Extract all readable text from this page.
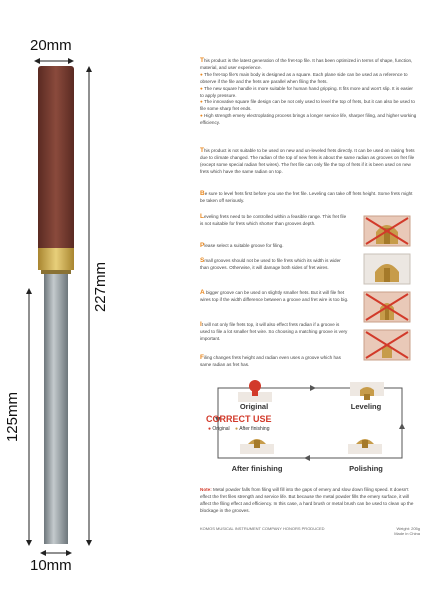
20mm
227mm
125mm
10mm
This product is the latest generation of the fret-top file. It has been optimized in terms of shape, function, material, and user experience.
● The fret-top file's main body is designed as a square. Each plane side can be used as a reference to observe if the file and the frets are parallel when filing the frets.
● The new square handle is more suitable for human hand gripping. It fits more and won't slip. It is easier to apply pressure.
● The innovative square file design can be not only used to level the top of frets, but it can also be used to file some sharp fret ends.
● High strength emery electroplating process brings a longer service life, sharper filing, and higher working efficiency.
This product is not suitable to be used on new and un-leveled frets directly. It can be used on raising frets due to climate changed. The radian of the top of new frets is about the same radian as grooves on fret file (except some special radian fret wires). The fret file can only file the top of frets if it is been used on new frets which have the same radian on top.
Be sure to level frets first before you use the fret file. Leveling can take off frets height. Some frets might be taken off seriously.
Leveling frets need to be controlled within a feasible range. This fret file is not suitable for frets which shorter than grooves depth.
Please select a suitable groove for filing.
Small grooves should not be used to file frets which its width is wider than grooves. Otherwise, it will damage both sides of fret wires.
A bigger groove can be used on slightly smaller frets. But it will file fret wires top if the width difference between a groove and fret wire is too big.
It will not only file frets top, it will also effect frets radian if a groove is used to file a lot smaller fret wire. So choosing a matching groove is very important.
Filing changes frets height and radian even uses a groove which has same radian as fret has.
Original	Leveling
CORRECT USE
● Original ● After finishing
After finishing	Polishing
Note: Metal powder falls from filing will fill into the gaps of emery and slow down filing speed. It doesn't effect the fret files strength and service life. But because the metal powder fills the emery surface, it will affect the filing effect and efficiency. In this case, a hard brush or metal brush can be used to clean up the blockage in the grooves.
KOMOS MUSICAL INSTRUMENT COMPANY HONORS PRODUCED	Weight: 205g
Made in China
